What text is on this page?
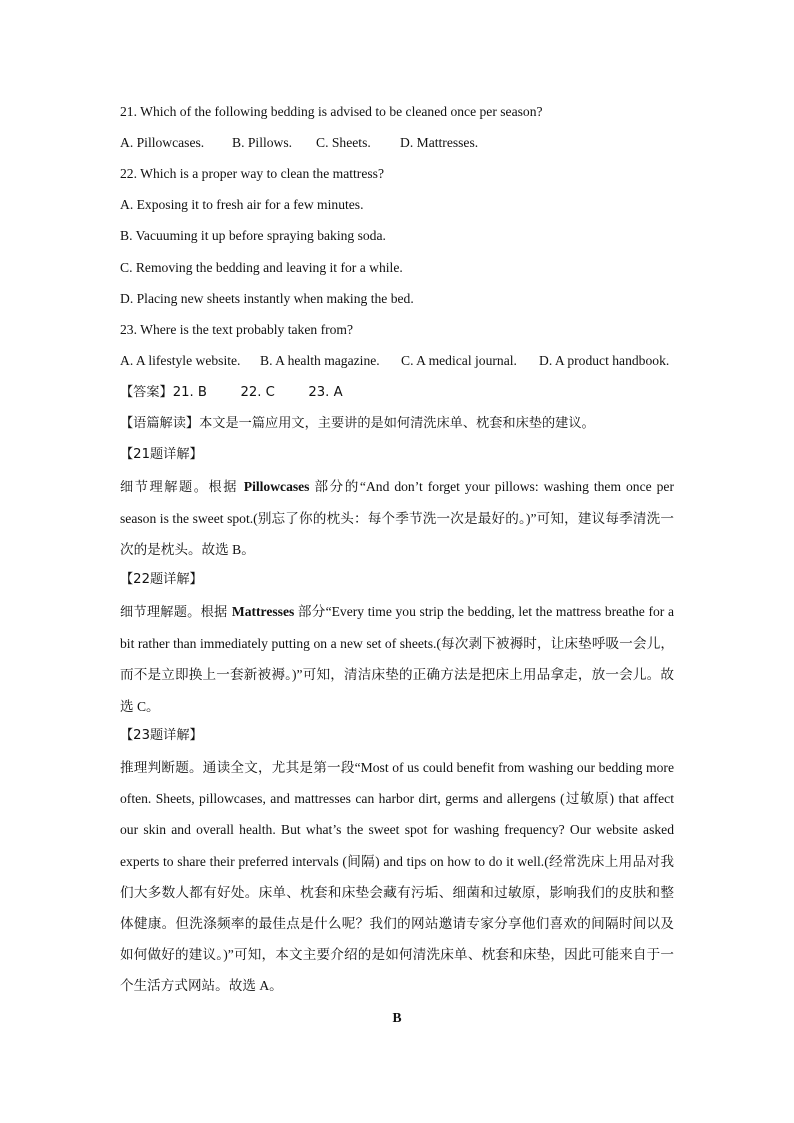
21. Which of the following bedding is advised to be cleaned once per season?
A. Pillowcases. B. Pillows. C. Sheets. D. Mattresses.
22. Which is a proper way to clean the mattress?
A. Exposing it to fresh air for a few minutes.
B. Vacuuming it up before spraying baking soda.
C. Removing the bedding and leaving it for a while.
D. Placing new sheets instantly when making the bed.
23. Where is the text probably taken from?
A. A lifestyle website. B. A health magazine. C. A medical journal. D. A product handbook.
【答案】21. B        22. C        23. A
【语篇解读】本文是一篇应用文，主要讲的是如何清洗床单、枕套和床垫的建议。
【21题详解】
细节理解题。根据 Pillowcases 部分的“And don’t forget your pillows: washing them once per season is the sweet spot.(别忘了你的枕头：每个季节洗一次是最好的。)”可知，建议每季清洗一次的是枕头。故选 B。
【22题详解】
细节理解题。根据 Mattresses 部分“Every time you strip the bedding, let the mattress breathe for a bit rather than immediately putting on a new set of sheets.(每次剥下被褥时，让床垫呼吸一会儿，而不是立即换上一套新被褥。)”可知，清洁床垫的正确方法是把床上用品拿走，放一会儿。故选 C。
【23题详解】
推理判断题。通读全文，尤其是第一段“Most of us could benefit from washing our bedding more often. Sheets, pillowcases, and mattresses can harbor dirt, germs and allergens (过敏原) that affect our skin and overall health. But what’s the sweet spot for washing frequency? Our website asked experts to share their preferred intervals (间隔) and tips on how to do it well.(经常洗床上用品对我们大多数人都有好处。床单、枕套和床垫会藏有污垢、细菌和过敏原，影响我们的皮肤和整体健康。但洗涤频率的最佳点是什么呢？我们的网站邀请专家分享他们喜欢的间隔时间以及如何做好的建议。)”可知，本文主要介绍的是如何清洗床单、枕套和床垫，因此可能来自于一个生活方式网站。故选 A。
B
